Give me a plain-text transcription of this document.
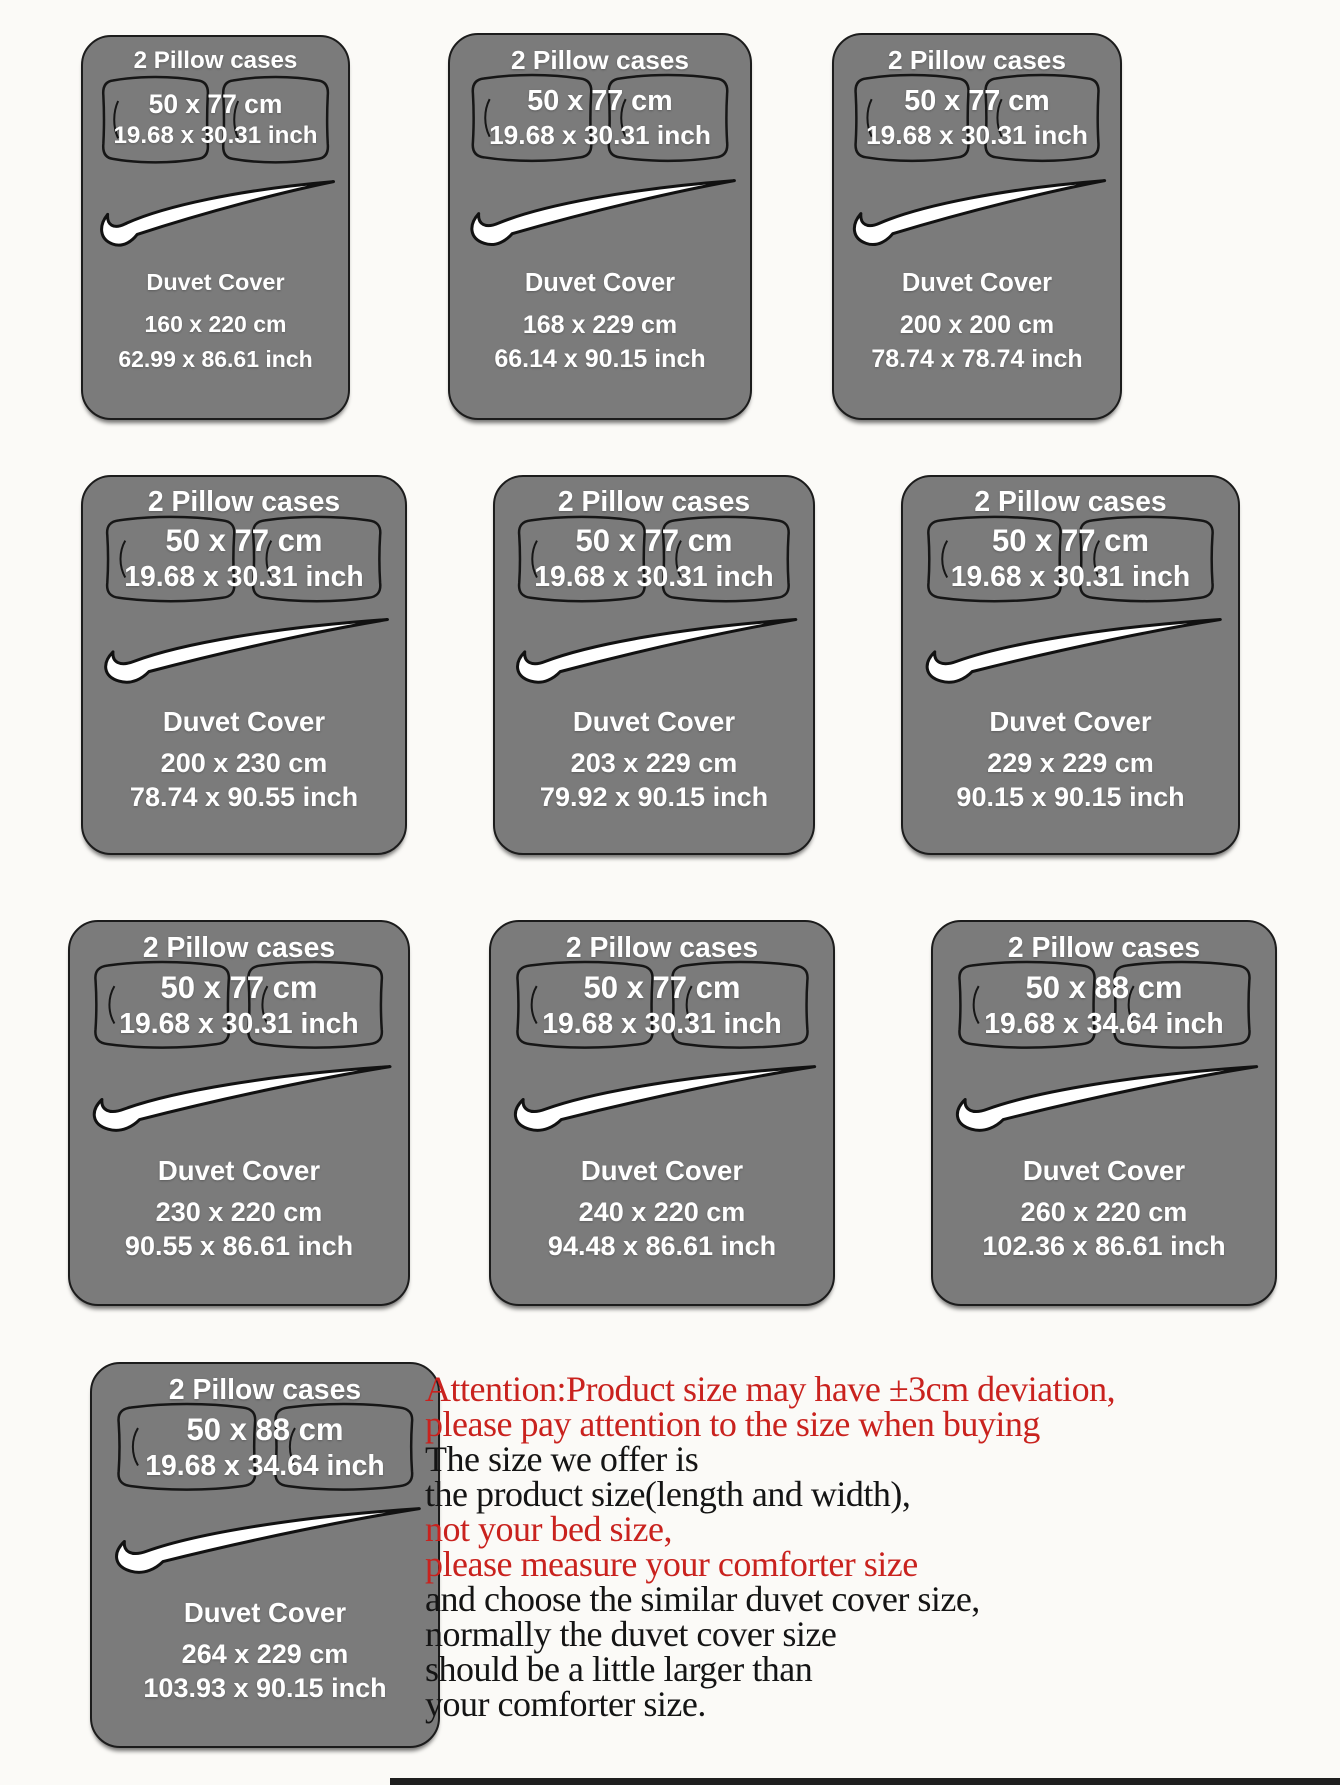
2 Pillow cases
50 x 77 cm
19.68 x 30.31 inch
Duvet Cover
160 x 220 cm
62.99 x 86.61 inch
2 Pillow cases
50 x 77 cm
19.68 x 30.31 inch
Duvet Cover
168 x 229 cm
66.14 x 90.15 inch
2 Pillow cases
50 x 77 cm
19.68 x 30.31 inch
Duvet Cover
200 x 200 cm
78.74 x 78.74 inch
2 Pillow cases
50 x 77 cm
19.68 x 30.31 inch
Duvet Cover
200 x 230 cm
78.74 x 90.55 inch
2 Pillow cases
50 x 77 cm
19.68 x 30.31 inch
Duvet Cover
203 x 229 cm
79.92 x 90.15 inch
2 Pillow cases
50 x 77 cm
19.68 x 30.31 inch
Duvet Cover
229 x 229 cm
90.15 x 90.15 inch
2 Pillow cases
50 x 77 cm
19.68 x 30.31 inch
Duvet Cover
230 x 220 cm
90.55 x 86.61 inch
2 Pillow cases
50 x 77 cm
19.68 x 30.31 inch
Duvet Cover
240 x 220 cm
94.48 x 86.61 inch
2 Pillow cases
50 x 88 cm
19.68 x 34.64 inch
Duvet Cover
260 x 220 cm
102.36 x 86.61 inch
2 Pillow cases
50 x 88 cm
19.68 x 34.64 inch
Duvet Cover
264 x 229 cm
103.93 x 90.15 inch
Attention:Product size may have ±3cm deviation,
please pay attention to the size when buying
The size we offer is
the product size(length and width),
not your bed size,
please measure your comforter size
and choose the similar duvet cover size,
normally the duvet cover size
should be a little larger than
your comforter size.
